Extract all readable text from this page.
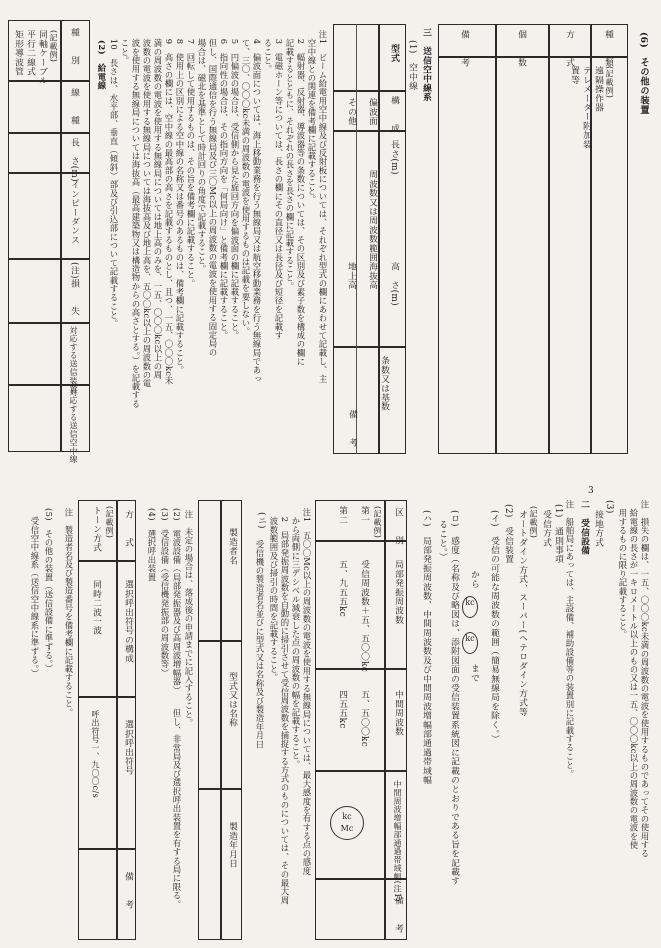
(6)　その他の装置
種　　類
方　　式
個　　数
備　　考
(記載例)
遠隔操作器
テレメーター附加装
置等
三　送信空中線系
(1)　空中線
型式
構　　成
偏波面
その他
長さ(m)
周波数又は周波数範囲
高　さ(m)
海抜高
地上高
条数又は基数
備　　考
注1　ビーム給電用空中線及び反射板については、それぞれ型式の欄にあわせて記載し、主
　空中線との関連を備考欄に記載すること。
　2　輻射器、反射器、導波器等の条数については、その区別及び素子数を構成の欄に
　記載するとともに、それぞれの長さを長さの欄に記載すること。
　3　電磁ホーン等については、長さの欄にその直径又は長径及び短径を記載す
　ること。
　4　偏波面については、海上移動業務を行う無線局又は航空移動業務を行う無線局であっ
　て、三〇、〇〇〇kc未満の周波数の電波を使用するものは記載を要しない。
　5　円偏波の場合は、受信側から見た旋回方向を偏波面の欄に記載すること。
　6　指向性の場合は、その指向方向を「何局向け」と備考欄に記載すること。
　但し、国際通信を行う無線局及び三〇Mc以上の周波数の電波を使用する固定局の
　場合は、磁北を基準として時計回りの角度で記載すること。
　7　回転して使用するものは、その旨を備考欄に記載すること。
　8　使用上の区別による空中線の名称又は番号のあるものは、備考欄に記載すること。
　9　高さの欄には、空中線の最高部の高さを記載するものとし、且つ、一五、〇〇〇kc未
　満の周波数の電波を使用する無線局については地上高のみを、一五、〇〇〇kc以上の周
　波数の電波を使用する無線局については海抜高及び地上高を、五〇〇kc以上の周波数の電
　波を使用する無線局については海抜高（最高建築物又は構造物からの高さとする。）を記載する
　こと。
　10　長さは、水平部、垂直（傾斜）部及び引込部について記載すること。
(2)　給電線
種　　別
線　　種
長　さ(m)
インピーダンス
(注)損　　失
対応する送信装置
対応する送信空中線
(記載例)
同軸ケーブル
平行二線式
矩形導波管
3
注　損失の欄は、一五、〇〇〇kc未満の周波数の電波を使用するものであってその使用する
　給電線の長さが一キロメートル以上のもの又は一五、〇〇〇kc以上の周波数の電波を使
　用するものに限り記載すること。
(3)
接地方式
二　受信設備
注　船舶局にあっては、主設備、補助設備等の装置別に記載すること。
(1)　通則事項
受信方式
(記載例)
オートダイン方式、スーパー(ヘテロダイン方式等
(2)　受信装置
(イ)　受信の可能な周波数の範囲（簡易無線局を除く。）
から
kc
まで
kc
(ロ)　感度（名称及び略図は、添附図面の受信装置系統図に記載のとおりである旨を記載す
ること。）
(ハ)　局部発振周波数、中間周波数及び中間周波增幅部通過帯域幅
区　　別
局部発振周波数
中間周波数
中間周波增幅部通過帯域幅(注1)
備　　考
(記載例)
第一
受信周波数＋五、五〇〇kc
五、五〇〇kc
第二
五、九五五kc
四五五kc
kc
Mc
注1　五〇〇Mc以上の周波数の電波を使用する無線局については、最大感度を有する点の感度
　から両側に三デシベル減衰した点の周波数の幅を記載すること。
　2　局部発振周波数を自動的に掃引させて受信周波数を捕捉する方式のものについては、その最大周
　波数範囲及び掃引の時間を記載すること。
(ニ)
受信機の製造者名並びに型式又は名称及び製造年月日
製造者名
型式又は名称
製造年月日
注　未定の場合は、落成後の申請までに記入すること。
(2)　電波設備（局部発振器及び高周波増幅器）
　但し、非常局及び選択呼出装置を有する局に限る。
(3)　受信設備（受信機発振部の周波数等）
(4)　選択呼出装置
方　　式
選択呼出符号の構成
選択呼出符号
備　　考
(記載例)
トーン方式
同時二波一波
呼出符号一、九〇〇c/s
注　製造者名及び製造番号を備考欄に記載すること。
(5)　その他の装置（送信設備に準ずる。）
　受信空中線系（送信空中線系に準ずる。）
